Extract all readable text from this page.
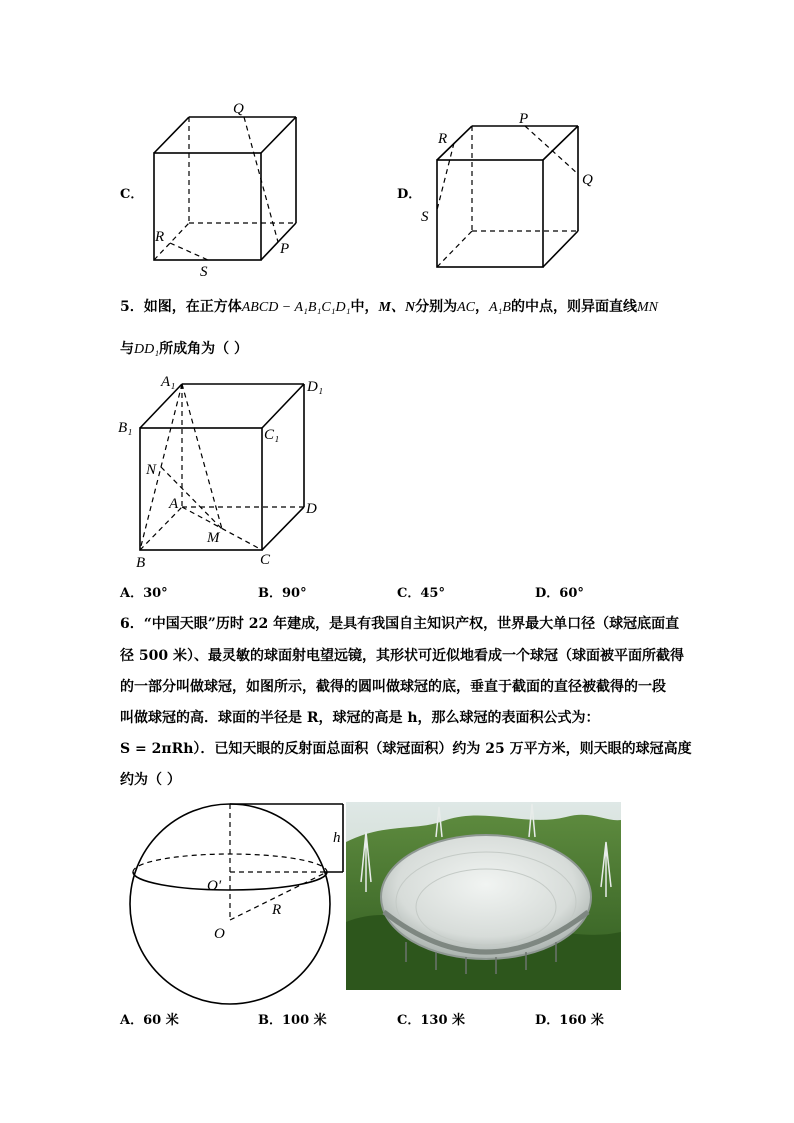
C．
Q
P
R
S
D．
P
Q
R
S
5．如图，在正方体ABCD − A₁B₁C₁D₁中，M、N分别为AC，A₁B的中点，则异面直线MN
与DD₁所成角为（ ）
A₁	D₁
B₁	C₁
N
A	D
M
B	C
A．30°	B．90°	C．45°	D．60°
6．“中国天眼”历时 22 年建成，是具有我国自主知识产权，世界最大单口径（球冠底面直
径 500 米）、最灵敏的球面射电望远镜，其形状可近似地看成一个球冠（球面被平面所截得
的一部分叫做球冠，如图所示，截得的圆叫做球冠的底，垂直于截面的直径被截得的一段
叫做球冠的高．球面的半径是 R，球冠的高是 h，那么球冠的表面积公式为：
S = 2πRh）．已知天眼的反射面总面积（球冠面积）约为 25 万平方米，则天眼的球冠高度
约为（ ）
h
O′
R
O
A．60 米	B．100 米	C．130 米	D．160 米
